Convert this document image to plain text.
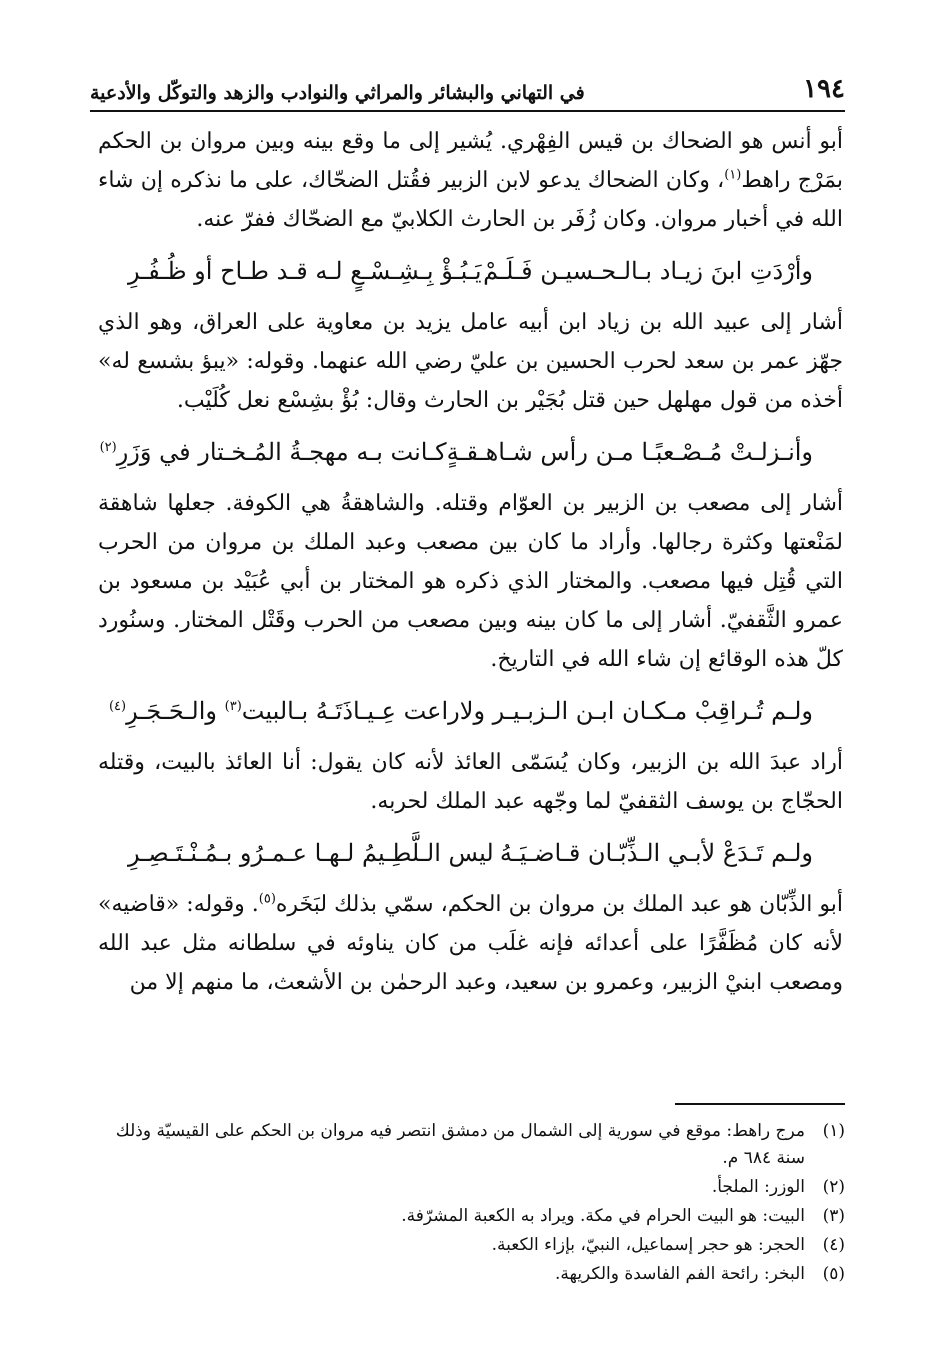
١٩٤
في التهاني والبشائر والمراثي والنوادب والزهد والتوكّل والأدعية

أبو أنس هو الضحاك بن قيس الفِهْري. يُشير إلى ما وقع بينه وبين مروان بن الحكم بمَرْج راهط$^{(١)}$، وكان الضحاك يدعو لابن الزبير فقُتل الضحّاك، على ما نذكره إن شاء الله في أخبار مروان. وكان زُفَر بن الحارث الكلابيّ مع الضحّاك ففرّ عنه.

وأرْدَتِ ابنَ زيـاد بـالـحـسيـن فَـلَـمْ
يَـبُـؤْ بِـشِـسْـعٍ لـه قـد طـاح أو ظُـفُـرِ

أشار إلى عبيد الله بن زياد ابن أبيه عامل يزيد بن معاوية على العراق، وهو الذي جهّز عمر بن سعد لحرب الحسين بن عليّ رضي الله عنهما. وقوله: «يبؤ بشسع له» أخذه من قول مهلهل حين قتل بُجَيْر بن الحارث وقال: بُؤْ بشِسْع نعل كُلَيْب.

وأنـزلـتْ مُـصْـعبًـا مـن رأس شـاهـقـةٍ
كـانت بـه مهجـةُ المُـخـتار في وَزَرِ$^{(٢)}$

أشار إلى مصعب بن الزبير بن العوّام وقتله. والشاهقةُ هي الكوفة. جعلها شاهقة لمَنْعتها وكثرة رجالها. وأراد ما كان بين مصعب وعبد الملك بن مروان من الحرب التي قُتِل فيها مصعب. والمختار الذي ذكره هو المختار بن أبي عُبَيْد بن مسعود بن عمرو الثَّقفيّ. أشار إلى ما كان بينه وبين مصعب من الحرب وقَتْل المختار. وسنُورد كلّ هذه الوقائع إن شاء الله في التاريخ.

ولـم تُـراقِبْ مـكـان ابـن الـزبـيـر ولا
راعت عِـيـاذَتَـهُ بـالبيت$^{(٣)}$ والـحَـجَـرِ$^{(٤)}$

أراد عبدَ الله بن الزبير، وكان يُسَمّى العائذ لأنه كان يقول: أنا العائذ بالبيت، وقتله الحجّاج بن يوسف الثقفيّ لما وجّهه عبد الملك لحربه.

ولـم تَـدَعْ لأبـي الـذِّبّـان قـاضـيَـهُ
ليس الـلَّطِـيمُ لـهـا عـمـرُو بـمُـنْـتَـصِـرِ

أبو الذِّبّان هو عبد الملك بن مروان بن الحكم، سمّي بذلك لبَخَره$^{(٥)}$. وقوله: «قاضيه» لأنه كان مُظَفَّرًا على أعدائه فإنه غلَب من كان يناوئه في سلطانه مثل عبد الله ومصعب ابنيْ الزبير، وعمرو بن سعيد، وعبد الرحمٰن بن الأشعث، ما منهم إلا من

(١)
مرج راهط: موقع في سورية إلى الشمال من دمشق انتصر فيه مروان بن الحكم على القيسيّة وذلك سنة ٦٨٤ م.
(٢)
الوزر: الملجأ.
(٣)
البيت: هو البيت الحرام في مكة. ويراد به الكعبة المشرّفة.
(٤)
الحجر: هو حجر إسماعيل، النبيّ، بإزاء الكعبة.
(٥)
البخر: رائحة الفم الفاسدة والكريهة.
